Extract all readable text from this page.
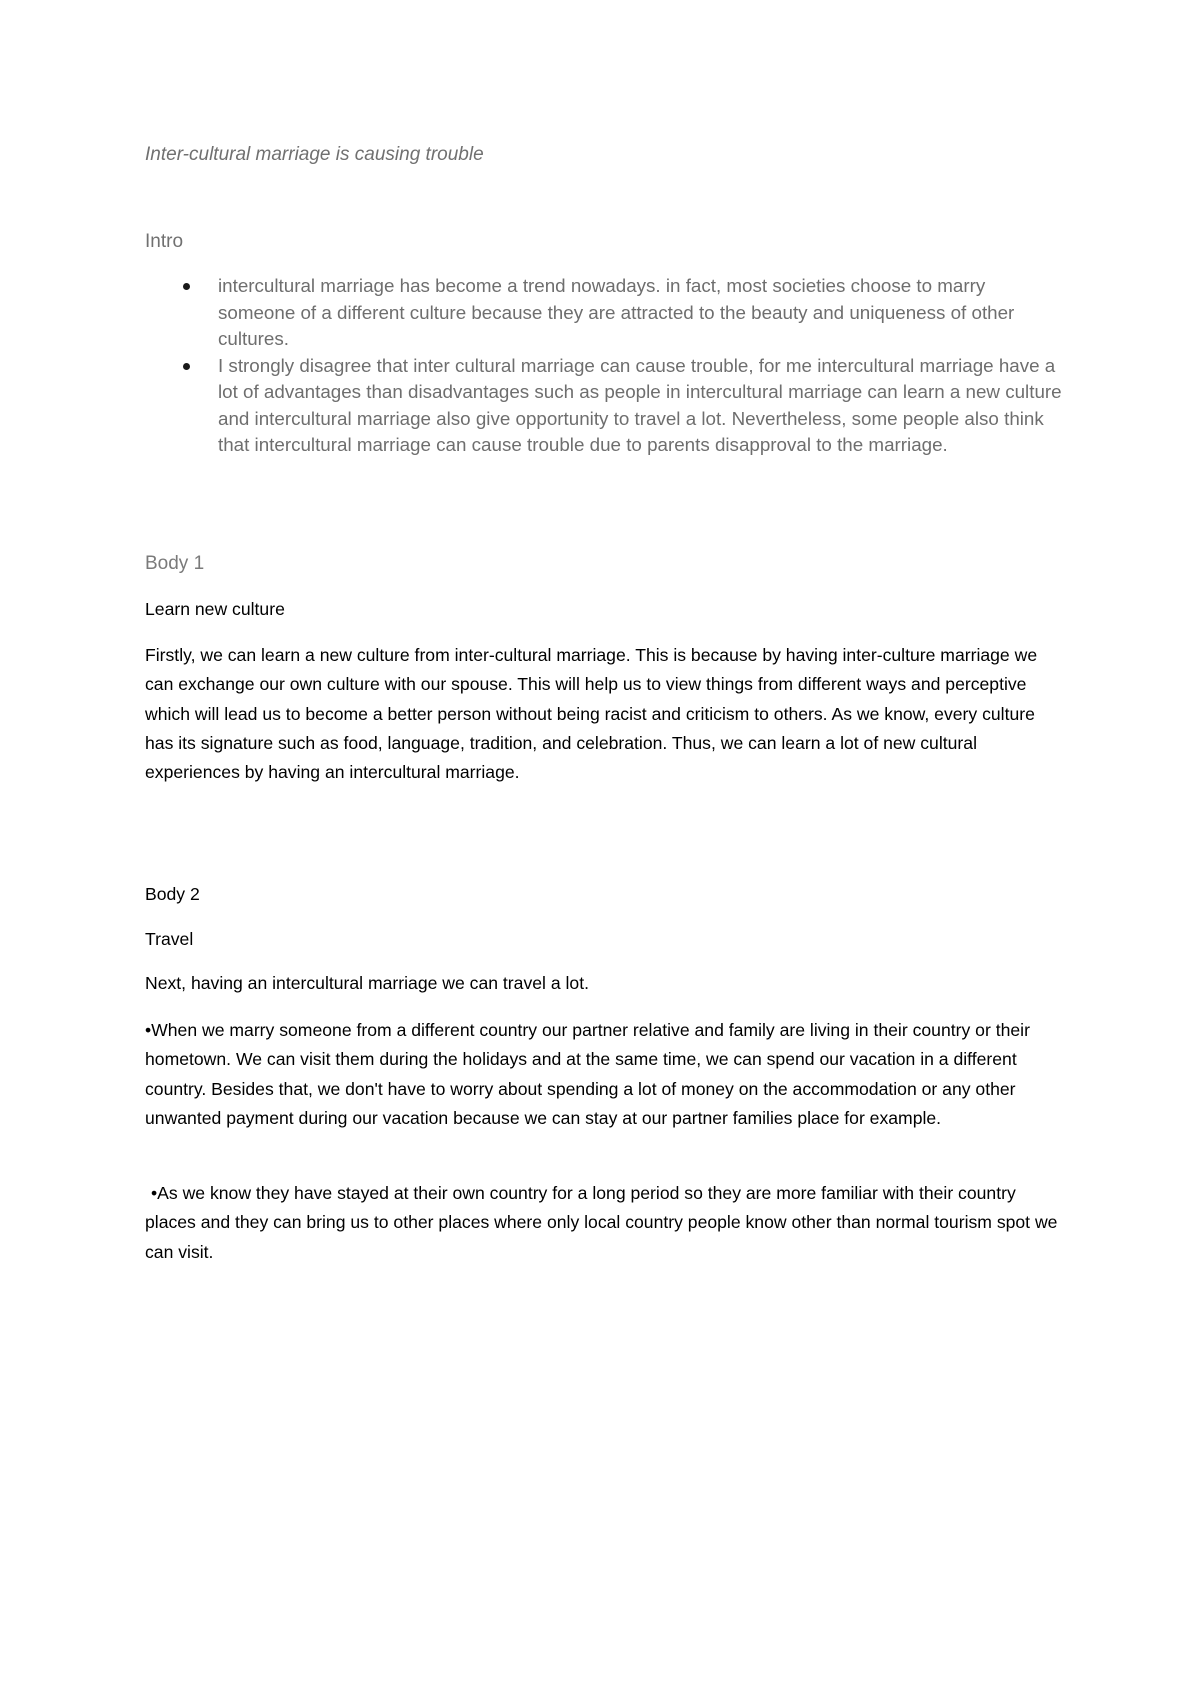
Inter-cultural marriage is causing trouble
Intro
intercultural marriage has become a trend nowadays. in fact, most societies choose to marry someone of a different culture because they are attracted to the beauty and uniqueness of other cultures.
I strongly disagree that inter cultural marriage can cause trouble, for me intercultural marriage have a lot of advantages than disadvantages such as people in intercultural marriage can learn a new culture and intercultural marriage also give opportunity to travel a lot. Nevertheless, some people also think that intercultural marriage can cause trouble due to parents disapproval to the marriage.
Body 1
Learn new culture

Firstly, we can learn a new culture from inter-cultural marriage. This is because by having inter-culture marriage we can exchange our own culture with our spouse. This will help us to view things from different ways and perceptive which will lead us to become a better person without being racist and criticism to others. As we know, every culture has its signature such as food, language, tradition, and celebration. Thus, we can learn a lot of new cultural experiences by having an intercultural marriage.

Body 2
Travel
Next, having an intercultural marriage we can travel a lot.

•When we marry someone from a different country our partner relative and family are living in their country or their hometown. We can visit them during the holidays and at the same time, we can spend our vacation in a different country. Besides that, we don't have to worry about spending a lot of money on the accommodation or any other unwanted payment during our vacation because we can stay at our partner families place for example.

•As we know they have stayed at their own country for a long period so they are more familiar with their country places and they can bring us to other places where only local country people know other than normal tourism spot we can visit.
